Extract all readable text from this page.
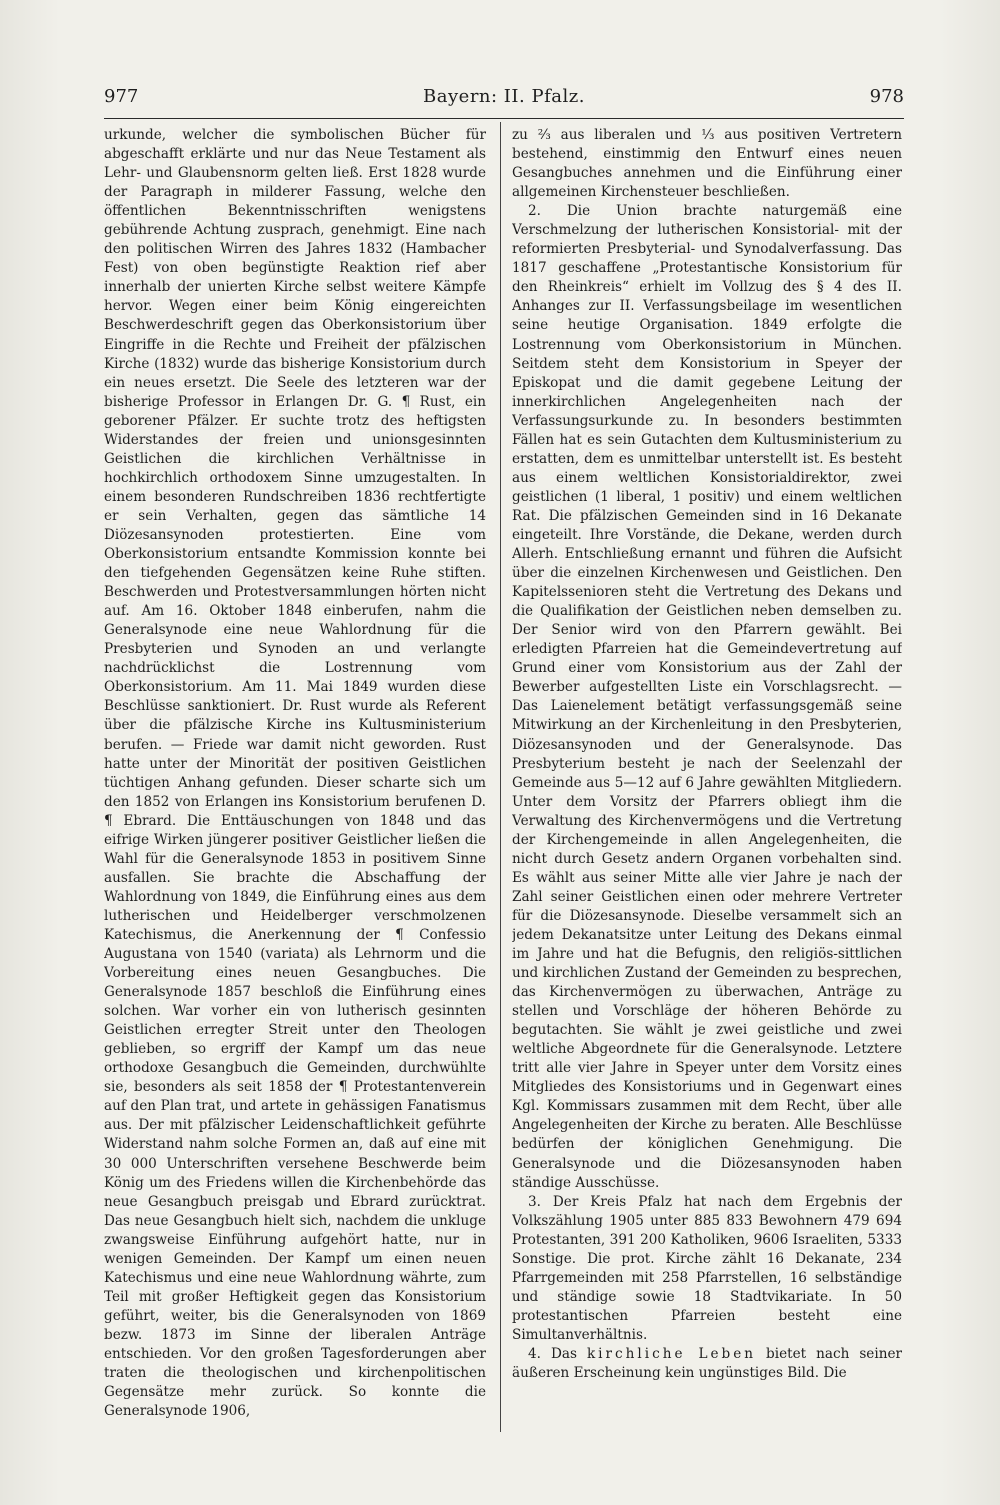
977	Bayern: II. Pfalz.	978

urkunde, welcher die symbolischen Bücher für abgeschafft erklärte und nur das Neue Testament als Lehr- und Glaubensnorm gelten ließ. Erst 1828 wurde der Paragraph in milderer Fassung, welche den öffentlichen Bekenntnisschriften wenigstens gebührende Achtung zusprach, genehmigt. Eine nach den politischen Wirren des Jahres 1832 (Hambacher Fest) von oben begünstigte Reaktion rief aber innerhalb der unierten Kirche selbst weitere Kämpfe hervor. Wegen einer beim König eingereichten Beschwerdeschrift gegen das Oberkonsistorium über Eingriffe in die Rechte und Freiheit der pfälzischen Kirche (1832) wurde das bisherige Konsistorium durch ein neues ersetzt. Die Seele des letzteren war der bisherige Professor in Erlangen Dr. G. ¶ Rust, ein geborener Pfälzer. Er suchte trotz des heftigsten Widerstandes der freien und unionsgesinnten Geistlichen die kirchlichen Verhältnisse in hochkirchlich orthodoxem Sinne umzugestalten. In einem besonderen Rundschreiben 1836 rechtfertigte er sein Verhalten, gegen das sämtliche 14 Diözesansynoden protestierten. Eine vom Oberkonsistorium entsandte Kommission konnte bei den tiefgehenden Gegensätzen keine Ruhe stiften. Beschwerden und Protestversammlungen hörten nicht auf. Am 16. Oktober 1848 einberufen, nahm die Generalsynode eine neue Wahlordnung für die Presbyterien und Synoden an und verlangte nachdrücklichst die Lostrennung vom Oberkonsistorium. Am 11. Mai 1849 wurden diese Beschlüsse sanktioniert. Dr. Rust wurde als Referent über die pfälzische Kirche ins Kultusministerium berufen. — Friede war damit nicht geworden. Rust hatte unter der Minorität der positiven Geistlichen tüchtigen Anhang gefunden. Dieser scharte sich um den 1852 von Erlangen ins Konsistorium berufenen D. ¶ Ebrard. Die Enttäuschungen von 1848 und das eifrige Wirken jüngerer positiver Geistlicher ließen die Wahl für die Generalsynode 1853 in positivem Sinne ausfallen. Sie brachte die Abschaffung der Wahlordnung von 1849, die Einführung eines aus dem lutherischen und Heidelberger verschmolzenen Katechismus, die Anerkennung der ¶ Confessio Augustana von 1540 (variata) als Lehrnorm und die Vorbereitung eines neuen Gesangbuches. Die Generalsynode 1857 beschloß die Einführung eines solchen. War vorher ein von lutherisch gesinnten Geistlichen erregter Streit unter den Theologen geblieben, so ergriff der Kampf um das neue orthodoxe Gesangbuch die Gemeinden, durchwühlte sie, besonders als seit 1858 der ¶ Protestantenverein auf den Plan trat, und artete in gehässigen Fanatismus aus. Der mit pfälzischer Leidenschaftlichkeit geführte Widerstand nahm solche Formen an, daß auf eine mit 30 000 Unterschriften versehene Beschwerde beim König um des Friedens willen die Kirchenbehörde das neue Gesangbuch preisgab und Ebrard zurücktrat. Das neue Gesangbuch hielt sich, nachdem die unkluge zwangsweise Einführung aufgehört hatte, nur in wenigen Gemeinden. Der Kampf um einen neuen Katechismus und eine neue Wahlordnung währte, zum Teil mit großer Heftigkeit gegen das Konsistorium geführt, weiter, bis die Generalsynoden von 1869 bezw. 1873 im Sinne der liberalen Anträge entschieden. Vor den großen Tagesforderungen aber traten die theologischen und kirchenpolitischen Gegensätze mehr zurück. So konnte die Generalsynode 1906,

zu ²⁄₃ aus liberalen und ¹⁄₃ aus positiven Vertretern bestehend, einstimmig den Entwurf eines neuen Gesangbuches annehmen und die Einführung einer allgemeinen Kirchensteuer beschließen.

2. Die Union brachte naturgemäß eine Verschmelzung der lutherischen Konsistorial- mit der reformierten Presbyterial- und Synodalverfassung. Das 1817 geschaffene „Protestantische Konsistorium für den Rheinkreis“ erhielt im Vollzug des § 4 des II. Anhanges zur II. Verfassungsbeilage im wesentlichen seine heutige Organisation. 1849 erfolgte die Lostrennung vom Oberkonsistorium in München. Seitdem steht dem Konsistorium in Speyer der Episkopat und die damit gegebene Leitung der innerkirchlichen Angelegenheiten nach der Verfassungsurkunde zu. In besonders bestimmten Fällen hat es sein Gutachten dem Kultusministerium zu erstatten, dem es unmittelbar unterstellt ist. Es besteht aus einem weltlichen Konsistorialdirektor, zwei geistlichen (1 liberal, 1 positiv) und einem weltlichen Rat. Die pfälzischen Gemeinden sind in 16 Dekanate eingeteilt. Ihre Vorstände, die Dekane, werden durch Allerh. Entschließung ernannt und führen die Aufsicht über die einzelnen Kirchenwesen und Geistlichen. Den Kapitelssenioren steht die Vertretung des Dekans und die Qualifikation der Geistlichen neben demselben zu. Der Senior wird von den Pfarrern gewählt. Bei erledigten Pfarreien hat die Gemeindevertretung auf Grund einer vom Konsistorium aus der Zahl der Bewerber aufgestellten Liste ein Vorschlagsrecht. — Das Laienelement betätigt verfassungsgemäß seine Mitwirkung an der Kirchenleitung in den Presbyterien, Diözesansynoden und der Generalsynode. Das Presbyterium besteht je nach der Seelenzahl der Gemeinde aus 5—12 auf 6 Jahre gewählten Mitgliedern. Unter dem Vorsitz der Pfarrers obliegt ihm die Verwaltung des Kirchenvermögens und die Vertretung der Kirchengemeinde in allen Angelegenheiten, die nicht durch Gesetz andern Organen vorbehalten sind. Es wählt aus seiner Mitte alle vier Jahre je nach der Zahl seiner Geistlichen einen oder mehrere Vertreter für die Diözesansynode. Dieselbe versammelt sich an jedem Dekanatsitze unter Leitung des Dekans einmal im Jahre und hat die Befugnis, den religiös-sittlichen und kirchlichen Zustand der Gemeinden zu besprechen, das Kirchenvermögen zu überwachen, Anträge zu stellen und Vorschläge der höheren Behörde zu begutachten. Sie wählt je zwei geistliche und zwei weltliche Abgeordnete für die Generalsynode. Letztere tritt alle vier Jahre in Speyer unter dem Vorsitz eines Mitgliedes des Konsistoriums und in Gegenwart eines Kgl. Kommissars zusammen mit dem Recht, über alle Angelegenheiten der Kirche zu beraten. Alle Beschlüsse bedürfen der königlichen Genehmigung. Die Generalsynode und die Diözesansynoden haben ständige Ausschüsse.

3. Der Kreis Pfalz hat nach dem Ergebnis der Volkszählung 1905 unter 885 833 Bewohnern 479 694 Protestanten, 391 200 Katholiken, 9606 Israeliten, 5333 Sonstige. Die prot. Kirche zählt 16 Dekanate, 234 Pfarrgemeinden mit 258 Pfarrstellen, 16 selbständige und ständige sowie 18 Stadtvikariate. In 50 protestantischen Pfarreien besteht eine Simultanverhältnis.

4. Das kirchliche Leben bietet nach seiner äußeren Erscheinung kein ungünstiges Bild. Die
